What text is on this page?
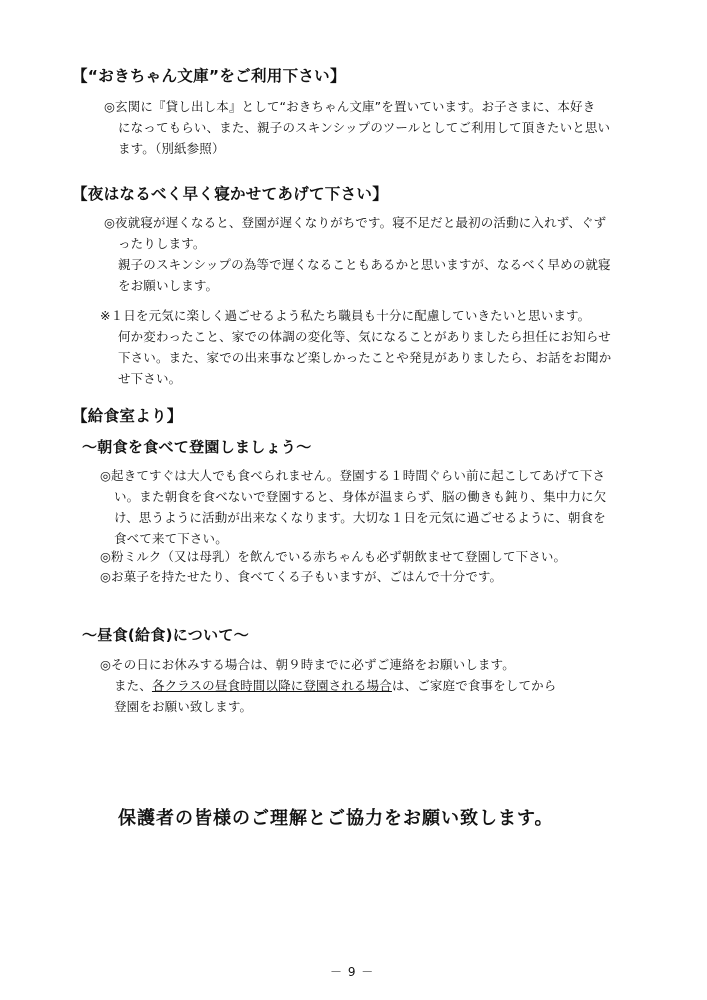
【“おきちゃん文庫”をご利用下さい】
◎玄関に『貸し出し本』として“おきちゃん文庫”を置いています。お子さまに、本好き
になってもらい、また、親子のスキンシップのツールとしてご利用して頂きたいと思い
ます。（別紙参照）
【夜はなるべく早く寝かせてあげて下さい】
◎夜就寝が遅くなると、登園が遅くなりがちです。寝不足だと最初の活動に入れず、ぐず
ったりします。
親子のスキンシップの為等で遅くなることもあるかと思いますが、なるべく早めの就寝
をお願いします。
※１日を元気に楽しく過ごせるよう私たち職員も十分に配慮していきたいと思います。
何か変わったこと、家での体調の変化等、気になることがありましたら担任にお知らせ
下さい。また、家での出来事など楽しかったことや発見がありましたら、お話をお聞か
せ下さい。
【給食室より】
～朝食を食べて登園しましょう～
◎起きてすぐは大人でも食べられません。登園する１時間ぐらい前に起こしてあげて下さ
い。また朝食を食べないで登園すると、身体が温まらず、脳の働きも鈍り、集中力に欠
け、思うように活動が出来なくなります。大切な１日を元気に過ごせるように、朝食を
食べて来て下さい。
◎粉ミルク（又は母乳）を飲んでいる赤ちゃんも必ず朝飲ませて登園して下さい。
◎お菓子を持たせたり、食べてくる子もいますが、ごはんで十分です。
～昼食(給食)について～
◎その日にお休みする場合は、朝９時までに必ずご連絡をお願いします。
また、各クラスの昼食時間以降に登園される場合は、ご家庭で食事をしてから
登園をお願い致します。
保護者の皆様のご理解とご協力をお願い致します。
－ 9 －
